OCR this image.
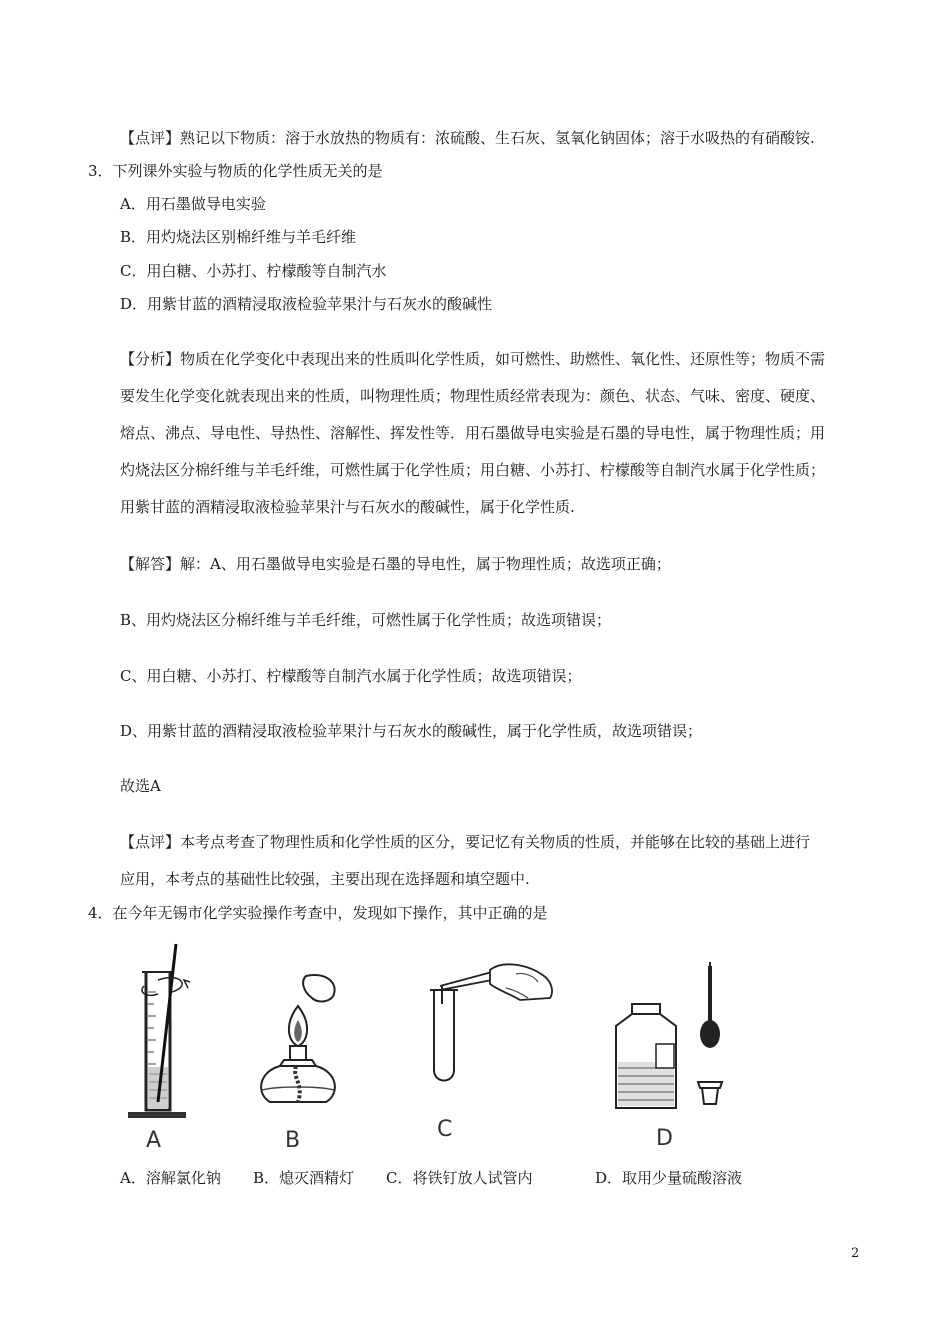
【点评】熟记以下物质：溶于水放热的物质有：浓硫酸、生石灰、氢氧化钠固体；溶于水吸热的有硝酸铵.
3．下列课外实验与物质的化学性质无关的是
A．用石墨做导电实验
B．用灼烧法区别棉纤维与羊毛纤维
C．用白糖、小苏打、柠檬酸等自制汽水
D．用紫甘蓝的酒精浸取液检验苹果汁与石灰水的酸碱性
【分析】物质在化学变化中表现出来的性质叫化学性质，如可燃性、助燃性、氧化性、还原性等；物质不需
要发生化学变化就表现出来的性质，叫物理性质；物理性质经常表现为：颜色、状态、气味、密度、硬度、
熔点、沸点、导电性、导热性、溶解性、挥发性等．用石墨做导电实验是石墨的导电性，属于物理性质；用
灼烧法区分棉纤维与羊毛纤维，可燃性属于化学性质；用白糖、小苏打、柠檬酸等自制汽水属于化学性质；
用紫甘蓝的酒精浸取液检验苹果汁与石灰水的酸碱性，属于化学性质.
【解答】解：A、用石墨做导电实验是石墨的导电性，属于物理性质；故选项正确；
B、用灼烧法区分棉纤维与羊毛纤维，可燃性属于化学性质；故选项错误；
C、用白糖、小苏打、柠檬酸等自制汽水属于化学性质；故选项错误；
D、用紫甘蓝的酒精浸取液检验苹果汁与石灰水的酸碱性，属于化学性质，故选项错误；
故选A
【点评】本考点考查了物理性质和化学性质的区分，要记忆有关物质的性质，并能够在比较的基础上进行
应用，本考点的基础性比较强，主要出现在选择题和填空题中.
4．在今年无锡市化学实验操作考查中，发现如下操作，其中正确的是
A	B	C	D
A．溶解氯化钠 B．熄灭酒精灯 C．将铁钉放人试管内	D．取用少量硫酸溶液
2
